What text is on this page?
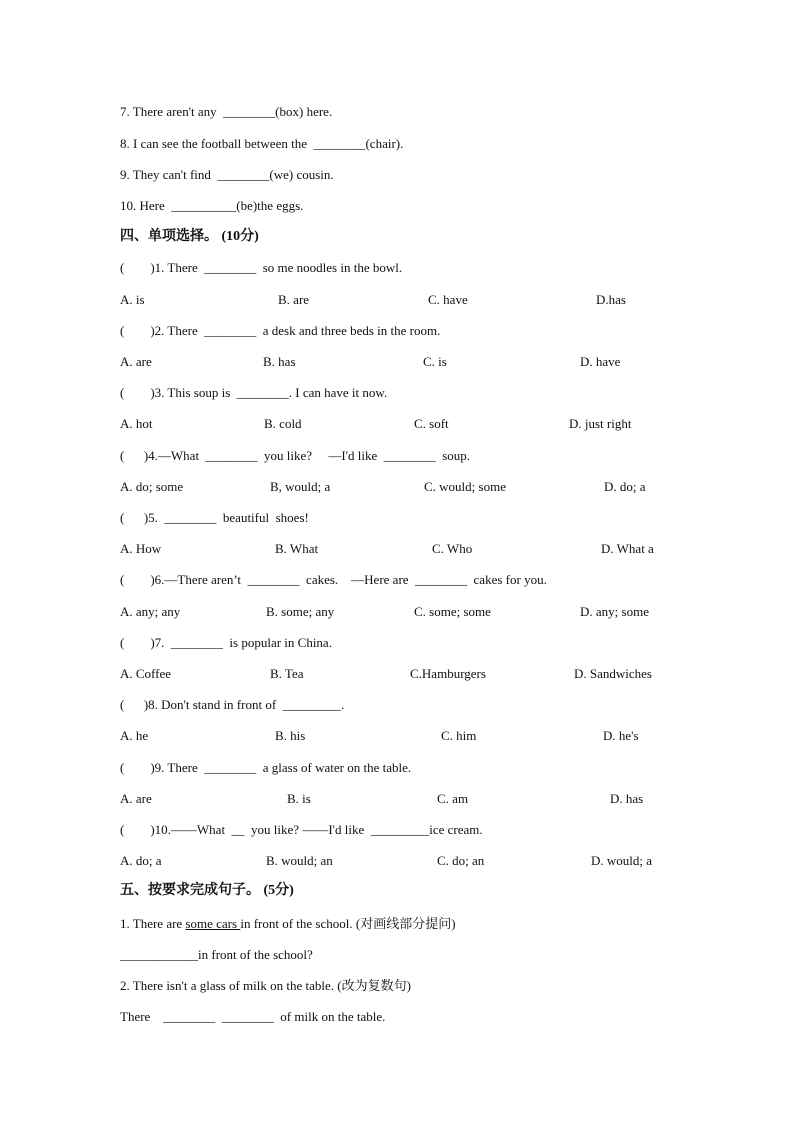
7. There aren't any  ________(box) here.
8. I can see the football between the  ________(chair).
9. They can't find  ________(we) cousin.
10. Here  __________(be)the eggs.
四、单项选择。 (10分)
(        )1. There  ________  so me noodles in the bowl.
A. is	B. are	C. have	D.has
(        )2. There  ________  a desk and three beds in the room.
A. are	B. has	C. is	D. have
(        )3. This soup is  ________. I can have it now.
A. hot	B. cold	C. soft	D. just right
(      )4.—What  ________  you like?     —I'd like  ________  soup.
A. do; some	B, would; a	C. would; some	D. do; a
(      )5.  ________  beautiful  shoes!
A. How	B. What	C. Who	D. What a
(        )6.—There aren’t  ________  cakes.    —Here are  ________  cakes for you.
A. any; any	B. some; any	C. some; some	D. any; some
(        )7.  ________  is popular in China.
A. Coffee	B. Tea	C.Hamburgers	D. Sandwiches
(      )8. Don't stand in front of  _________.
A. he	B. his	C. him	D. he's
(        )9. There  ________  a glass of water on the table.
A. are	B. is	C. am	D. has
(        )10.——What  __  you like? ——I'd like  _________ice cream.
A. do; a	B. would; an	C. do; an	D. would; a
五、按要求完成句子。 (5分)
1. There are some cars in front of the school. (对画线部分提问)
____________in front of the school?
2. There isn't a glass of milk on the table. (改为复数句)
There    ________  ________  of milk on the table.
